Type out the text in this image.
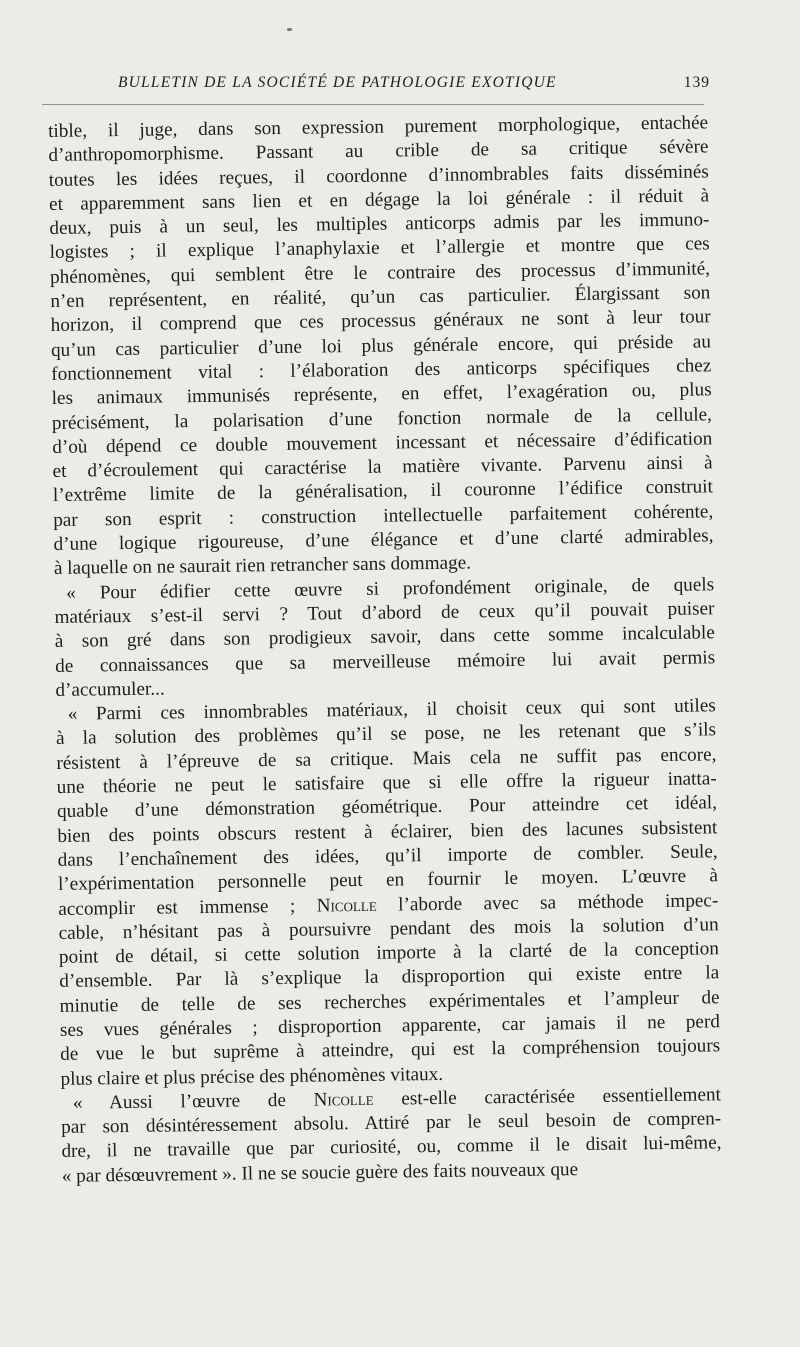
BULLETIN DE LA SOCIÉTÉ DE PATHOLOGIE EXOTIQUE	139
tible, il juge, dans son expression purement morphologique, entachée
d’anthropomorphisme. Passant au crible de sa critique sévère
toutes les idées reçues, il coordonne d’innombrables faits disséminés
et apparemment sans lien et en dégage la loi générale : il réduit à
deux, puis à un seul, les multiples anticorps admis par les immuno-
logistes ; il explique l’anaphylaxie et l’allergie et montre que ces
phénomènes, qui semblent être le contraire des processus d’immunité,
n’en représentent, en réalité, qu’un cas particulier. Élargissant son
horizon, il comprend que ces processus généraux ne sont à leur tour
qu’un cas particulier d’une loi plus générale encore, qui préside au
fonctionnement vital : l’élaboration des anticorps spécifiques chez
les animaux immunisés représente, en effet, l’exagération ou, plus
précisément, la polarisation d’une fonction normale de la cellule,
d’où dépend ce double mouvement incessant et nécessaire d’édification
et d’écroulement qui caractérise la matière vivante. Parvenu ainsi à
l’extrême limite de la généralisation, il couronne l’édifice construit
par son esprit : construction intellectuelle parfaitement cohérente,
d’une logique rigoureuse, d’une élégance et d’une clarté admirables,
à laquelle on ne saurait rien retrancher sans dommage.
« Pour édifier cette œuvre si profondément originale, de quels
matériaux s’est-il servi ? Tout d’abord de ceux qu’il pouvait puiser
à son gré dans son prodigieux savoir, dans cette somme incalculable
de connaissances que sa merveilleuse mémoire lui avait permis
d’accumuler...
« Parmi ces innombrables matériaux, il choisit ceux qui sont utiles
à la solution des problèmes qu’il se pose, ne les retenant que s’ils
résistent à l’épreuve de sa critique. Mais cela ne suffit pas encore,
une théorie ne peut le satisfaire que si elle offre la rigueur inatta-
quable d’une démonstration géométrique. Pour atteindre cet idéal,
bien des points obscurs restent à éclairer, bien des lacunes subsistent
dans l’enchaînement des idées, qu’il importe de combler. Seule,
l’expérimentation personnelle peut en fournir le moyen. L’œuvre à
accomplir est immense ; Nicolle l’aborde avec sa méthode impec-
cable, n’hésitant pas à poursuivre pendant des mois la solution d’un
point de détail, si cette solution importe à la clarté de la conception
d’ensemble. Par là s’explique la disproportion qui existe entre la
minutie de telle de ses recherches expérimentales et l’ampleur de
ses vues générales ; disproportion apparente, car jamais il ne perd
de vue le but suprême à atteindre, qui est la compréhension toujours
plus claire et plus précise des phénomènes vitaux.
« Aussi l’œuvre de Nicolle est-elle caractérisée essentiellement
par son désintéressement absolu. Attiré par le seul besoin de compren-
dre, il ne travaille que par curiosité, ou, comme il le disait lui-même,
« par désœuvrement ». Il ne se soucie guère des faits nouveaux que
